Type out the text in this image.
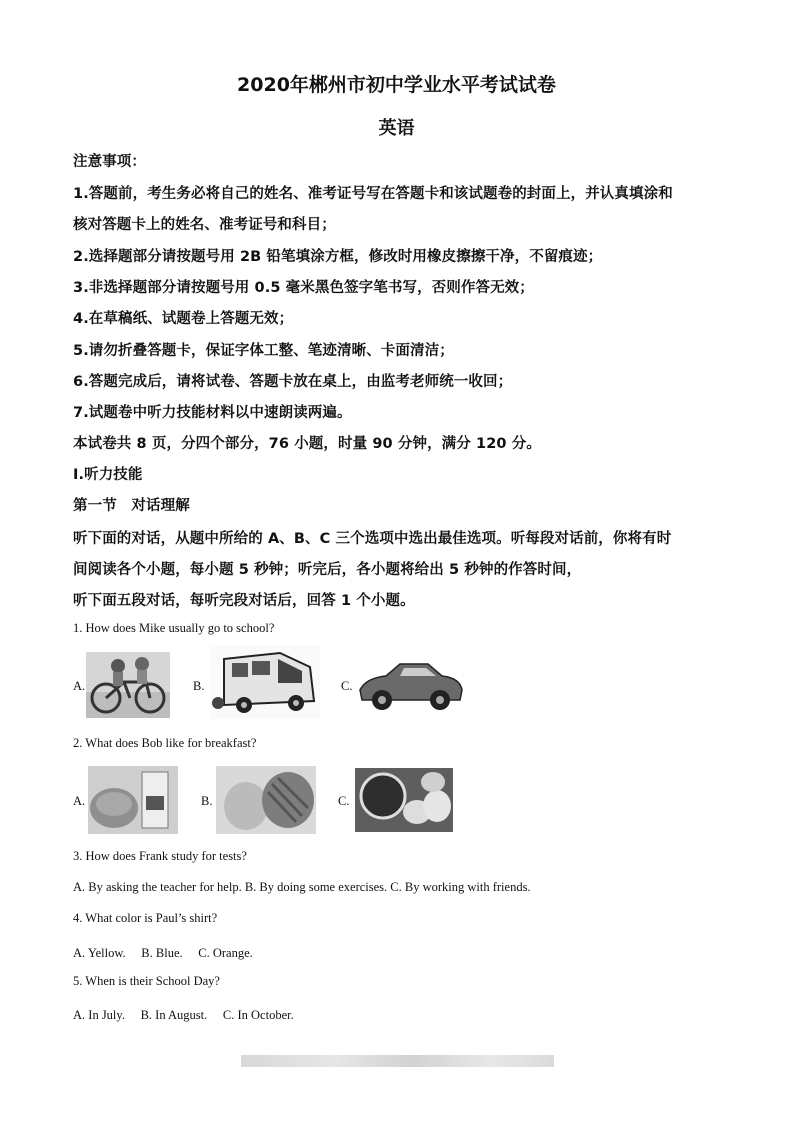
2020年郴州市初中学业水平考试试卷
英语
注意事项：
1.答题前，考生务必将自己的姓名、准考证号写在答题卡和该试题卷的封面上，并认真填涂和
核对答题卡上的姓名、准考证号和科目；
2.选择题部分请按题号用 2B 铅笔填涂方框，修改时用橡皮擦擦干净，不留痕迹；
3.非选择题部分请按题号用 0.5 毫米黑色签字笔书写，否则作答无效；
4.在草稿纸、试题卷上答题无效；
5.请勿折叠答题卡，保证字体工整、笔迹清晰、卡面清洁；
6.答题完成后，请将试卷、答题卡放在桌上，由监考老师统一收回；
7.试题卷中听力技能材料以中速朗读两遍。
本试卷共 8 页，分四个部分，76 小题，时量 90 分钟，满分 120 分。
Ⅰ.听力技能
第一节　对话理解
听下面的对话，从题中所给的 A、B、C 三个选项中选出最佳选项。听每段对话前，你将有时
间阅读各个小题，每小题 5 秒钟；听完后，各小题将给出 5 秒钟的作答时间，
听下面五段对话，每听完段对话后，回答 1 个小题。
1. How does Mike usually go to school?
A.	B.	C.
2. What does Bob like for breakfast?
A.	B.	C.
3. How does Frank study for tests?
A. By asking the teacher for help. B. By doing some exercises. C. By working with friends.
4. What color is Paul’s shirt?
A. Yellow.　 B. Blue.　 C. Orange.
5. When is their School Day?
A. In July.　 B. In August.　 C. In October.
